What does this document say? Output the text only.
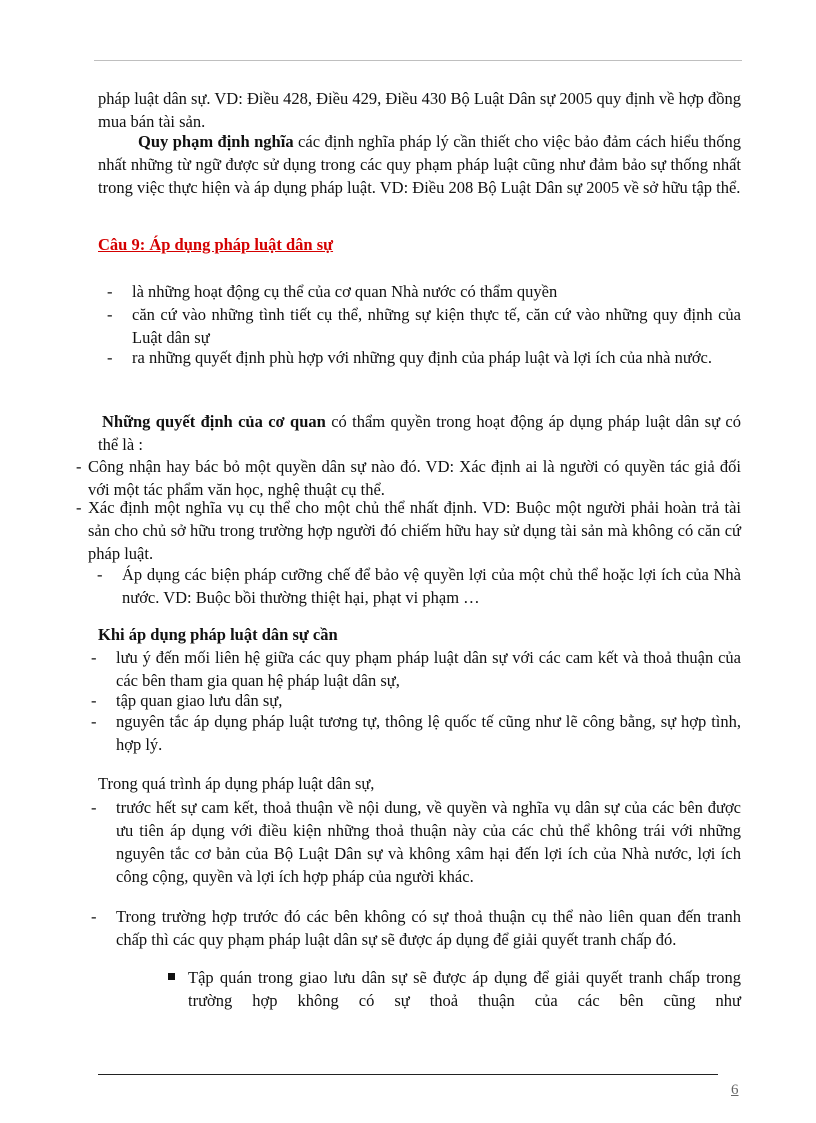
pháp luật dân sự. VD: Điều 428, Điều 429, Điều 430 Bộ Luật Dân sự 2005 quy định về hợp đồng mua bán tài sản.

Quy phạm định nghĩa các định nghĩa pháp lý cần thiết cho việc bảo đảm cách hiểu thống nhất những từ ngữ được sử dụng trong các quy phạm pháp luật cũng như đảm bảo sự thống nhất trong việc thực hiện và áp dụng pháp luật. VD: Điều 208 Bộ Luật Dân sự 2005 về sở hữu tập thể.

Câu 9: Áp dụng pháp luật dân sự

- là những hoạt động cụ thể của cơ quan Nhà nước có thẩm quyền

- căn cứ vào những tình tiết cụ thể, những sự kiện thực tế, căn cứ vào những quy định của Luật dân sự

- ra những quyết định phù hợp với những quy định của pháp luật và lợi ích của nhà nước.

Những quyết định của cơ quan có thẩm quyền trong hoạt động áp dụng pháp luật dân sự có thể là :

- Công nhận hay bác bỏ một quyền dân sự nào đó. VD: Xác định ai là người có quyền tác giả đối với một tác phẩm văn học, nghệ thuật cụ thể.

- Xác định một nghĩa vụ cụ thể cho một chủ thể nhất định. VD: Buộc một người phải hoàn trả tài sản cho chủ sở hữu trong trường hợp người đó chiếm hữu hay sử dụng tài sản mà không có căn cứ pháp luật.

- Áp dụng các biện pháp cưỡng chế để bảo vệ quyền lợi của một chủ thể hoặc lợi ích của Nhà nước. VD: Buộc bồi thường thiệt hại, phạt vi phạm …

Khi áp dụng pháp luật dân sự cần

- lưu ý đến mối liên hệ giữa các quy phạm pháp luật dân sự với các cam kết và thoả thuận của các bên tham gia quan hệ pháp luật dân sự,

- tập quan giao lưu dân sự,

- nguyên tắc áp dụng pháp luật tương tự, thông lệ quốc tế cũng như lẽ công bằng, sự hợp tình, hợp lý.

Trong quá trình áp dụng pháp luật dân sự,

- trước hết sự cam kết, thoả thuận về nội dung, về quyền và nghĩa vụ dân sự của các bên được ưu tiên áp dụng với điều kiện những thoả thuận này của các chủ thể không trái với những nguyên tắc cơ bản của Bộ Luật Dân sự và không xâm hại đến lợi ích của Nhà nước, lợi ích công cộng, quyền và lợi ích hợp pháp của người khác.

- Trong trường hợp trước đó các bên không có sự thoả thuận cụ thể nào liên quan đến tranh chấp thì các quy phạm pháp luật dân sự sẽ được áp dụng để giải quyết tranh chấp đó.

Tập quán trong giao lưu dân sự sẽ được áp dụng để giải quyết tranh chấp trong trường hợp không có sự thoả thuận của các bên cũng như

6
